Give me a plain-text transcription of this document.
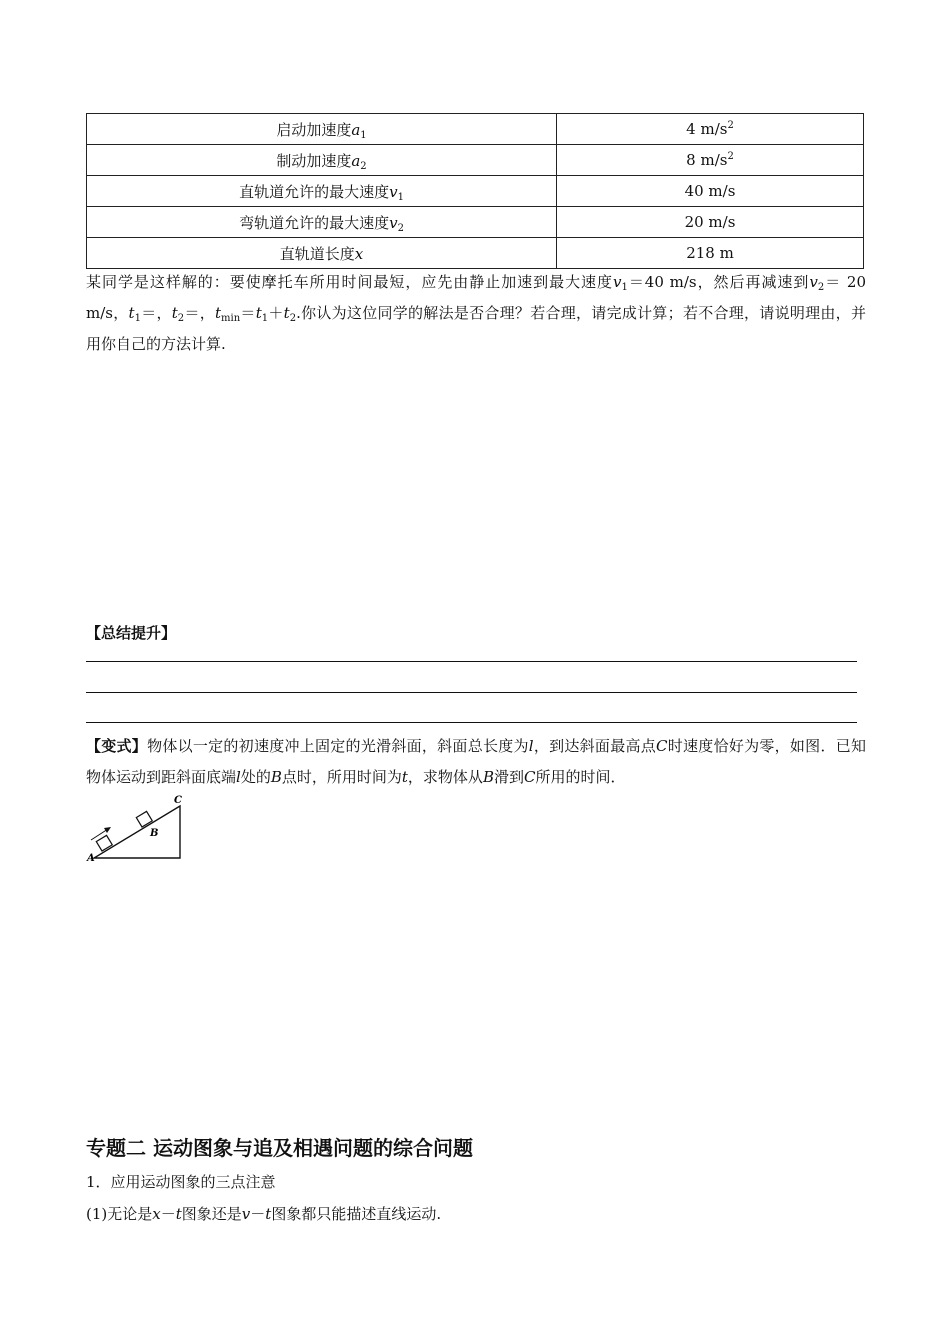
启动加速度$a_1$	4 $m/s^2$
制动加速度$a_2$	8 $m/s^2$
直轨道允许的最大速度$v_1$	40 m/s
弯轨道允许的最大速度$v_2$	20 m/s
直轨道长度x	218 m
某同学是这样解的：要使摩托车所用时间最短，应先由静止加速到最大速度$v_1=40$ m/s，然后再减速到$v_2= 20$ m/s，$t_1=$，$t_2=$，$t_{min}=t_1+t_2$.你认为这位同学的解法是否合理？若合理，请完成计算；若不合理，请说明理由，并用你自己的方法计算.
【总结提升】
【变式】物体以一定的初速度冲上固定的光滑斜面，斜面总长度为l，到达斜面最高点C时速度恰好为零，如图．已知物体运动到距斜面底端l处的B点时，所用时间为t，求物体从B滑到C所用的时间．
A
B
C
专题二 运动图象与追及相遇问题的综合问题
1．应用运动图象的三点注意
(1)无论是x－t图象还是v－t图象都只能描述直线运动.
